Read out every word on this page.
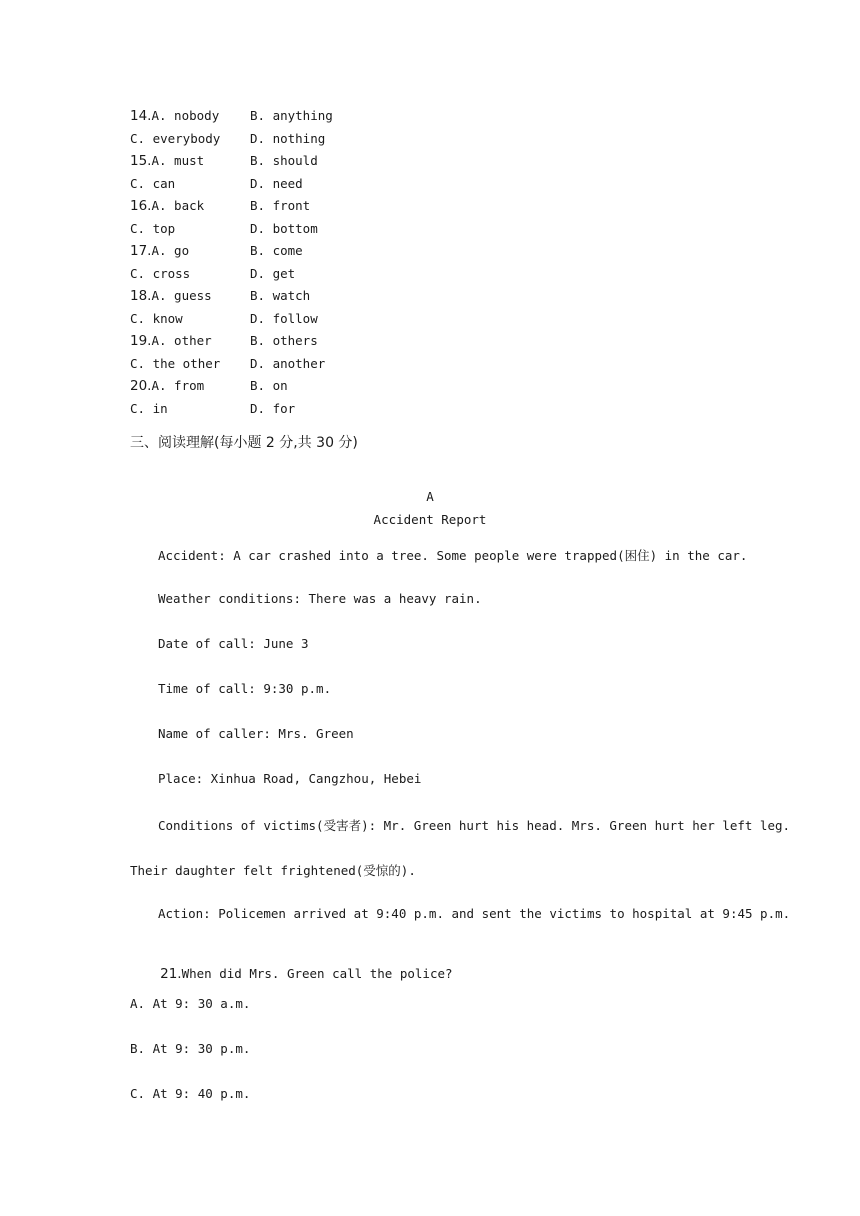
14.A. nobody B. anything
C. everybody D. nothing
15.A. must	B. should
C. can	D. need
16.A. back	B. front
C. top	D. bottom
17.A. go	B. come
C. cross	D. get
18.A. guess	B. watch
C. know	D. follow
19.A. other	B. others
C. the other D. another
20.A. from	B. on
C. in	D. for
三、阅读理解(每小题 2 分,共 30 分)
A
Accident Report
Accident: A car crashed into a tree. Some people were trapped(困住) in the car.
Weather conditions: There was a heavy rain.
Date of call: June 3
Time of call: 9:30 p.m.
Name of caller: Mrs. Green
Place: Xinhua Road, Cangzhou, Hebei
Conditions of victims(受害者): Mr. Green hurt his head. Mrs. Green hurt her left leg.
Their daughter felt frightened(受惊的).
Action: Policemen arrived at 9:40 p.m. and sent the victims to hospital at 9:45 p.m.

21.When did Mrs. Green call the police?

A. At 9: 30 a.m.
B. At 9: 30 p.m.
C. At 9: 40 p.m.
